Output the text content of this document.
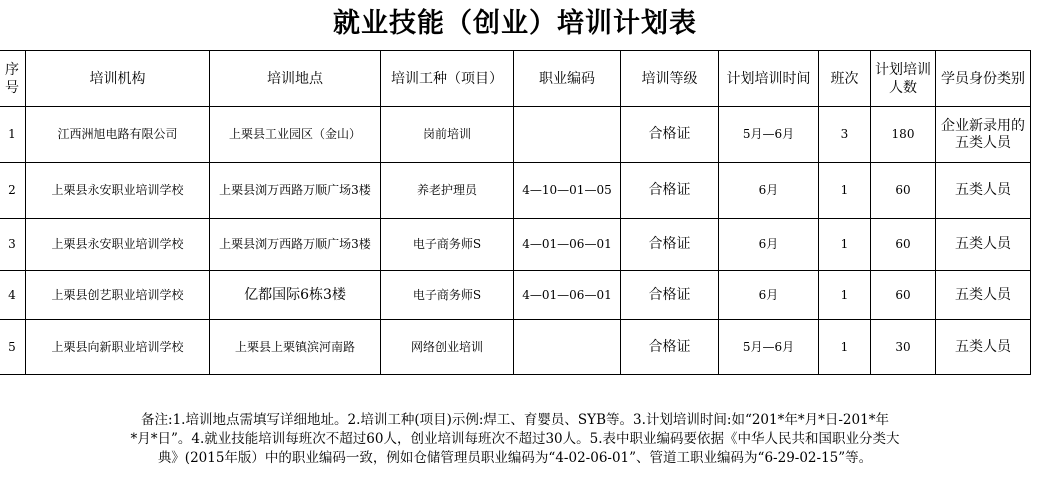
就业技能（创业）培训计划表
序号	培训机构	培训地点	培训工种（项目）	职业编码	培训等级	计划培训时间	班次	计划培训人数	学员身份类别
1	江西洲旭电路有限公司	上栗县工业园区（金山）	岗前培训		合格证	5月—6月	3	180	企业新录用的五类人员
2	上栗县永安职业培训学校	上栗县浏万西路万顺广场3楼	养老护理员	4—10—01—05	合格证	6月	1	60	五类人员
3	上栗县永安职业培训学校	上栗县浏万西路万顺广场3楼	电子商务师S	4—01—06—01	合格证	6月	1	60	五类人员
4	上栗县创艺职业培训学校	亿都国际6栋3楼	电子商务师S	4—01—06—01	合格证	6月	1	60	五类人员
5	上栗县向新职业培训学校	上栗县上栗镇滨河南路	网络创业培训		合格证	5月—6月	1	30	五类人员
备注:1.培训地点需填写详细地址。2.培训工种(项目)示例:焊工、育婴员、SYB等。3.计划培训时间:如“201*年*月*日-201*年
*月*日”。4.就业技能培训每班次不超过60人，创业培训每班次不超过30人。5.表中职业编码要依据《中华人民共和国职业分类大
典》(2015年版）中的职业编码一致，例如仓储管理员职业编码为“4-02-06-01”、管道工职业编码为“6-29-02-15”等。
